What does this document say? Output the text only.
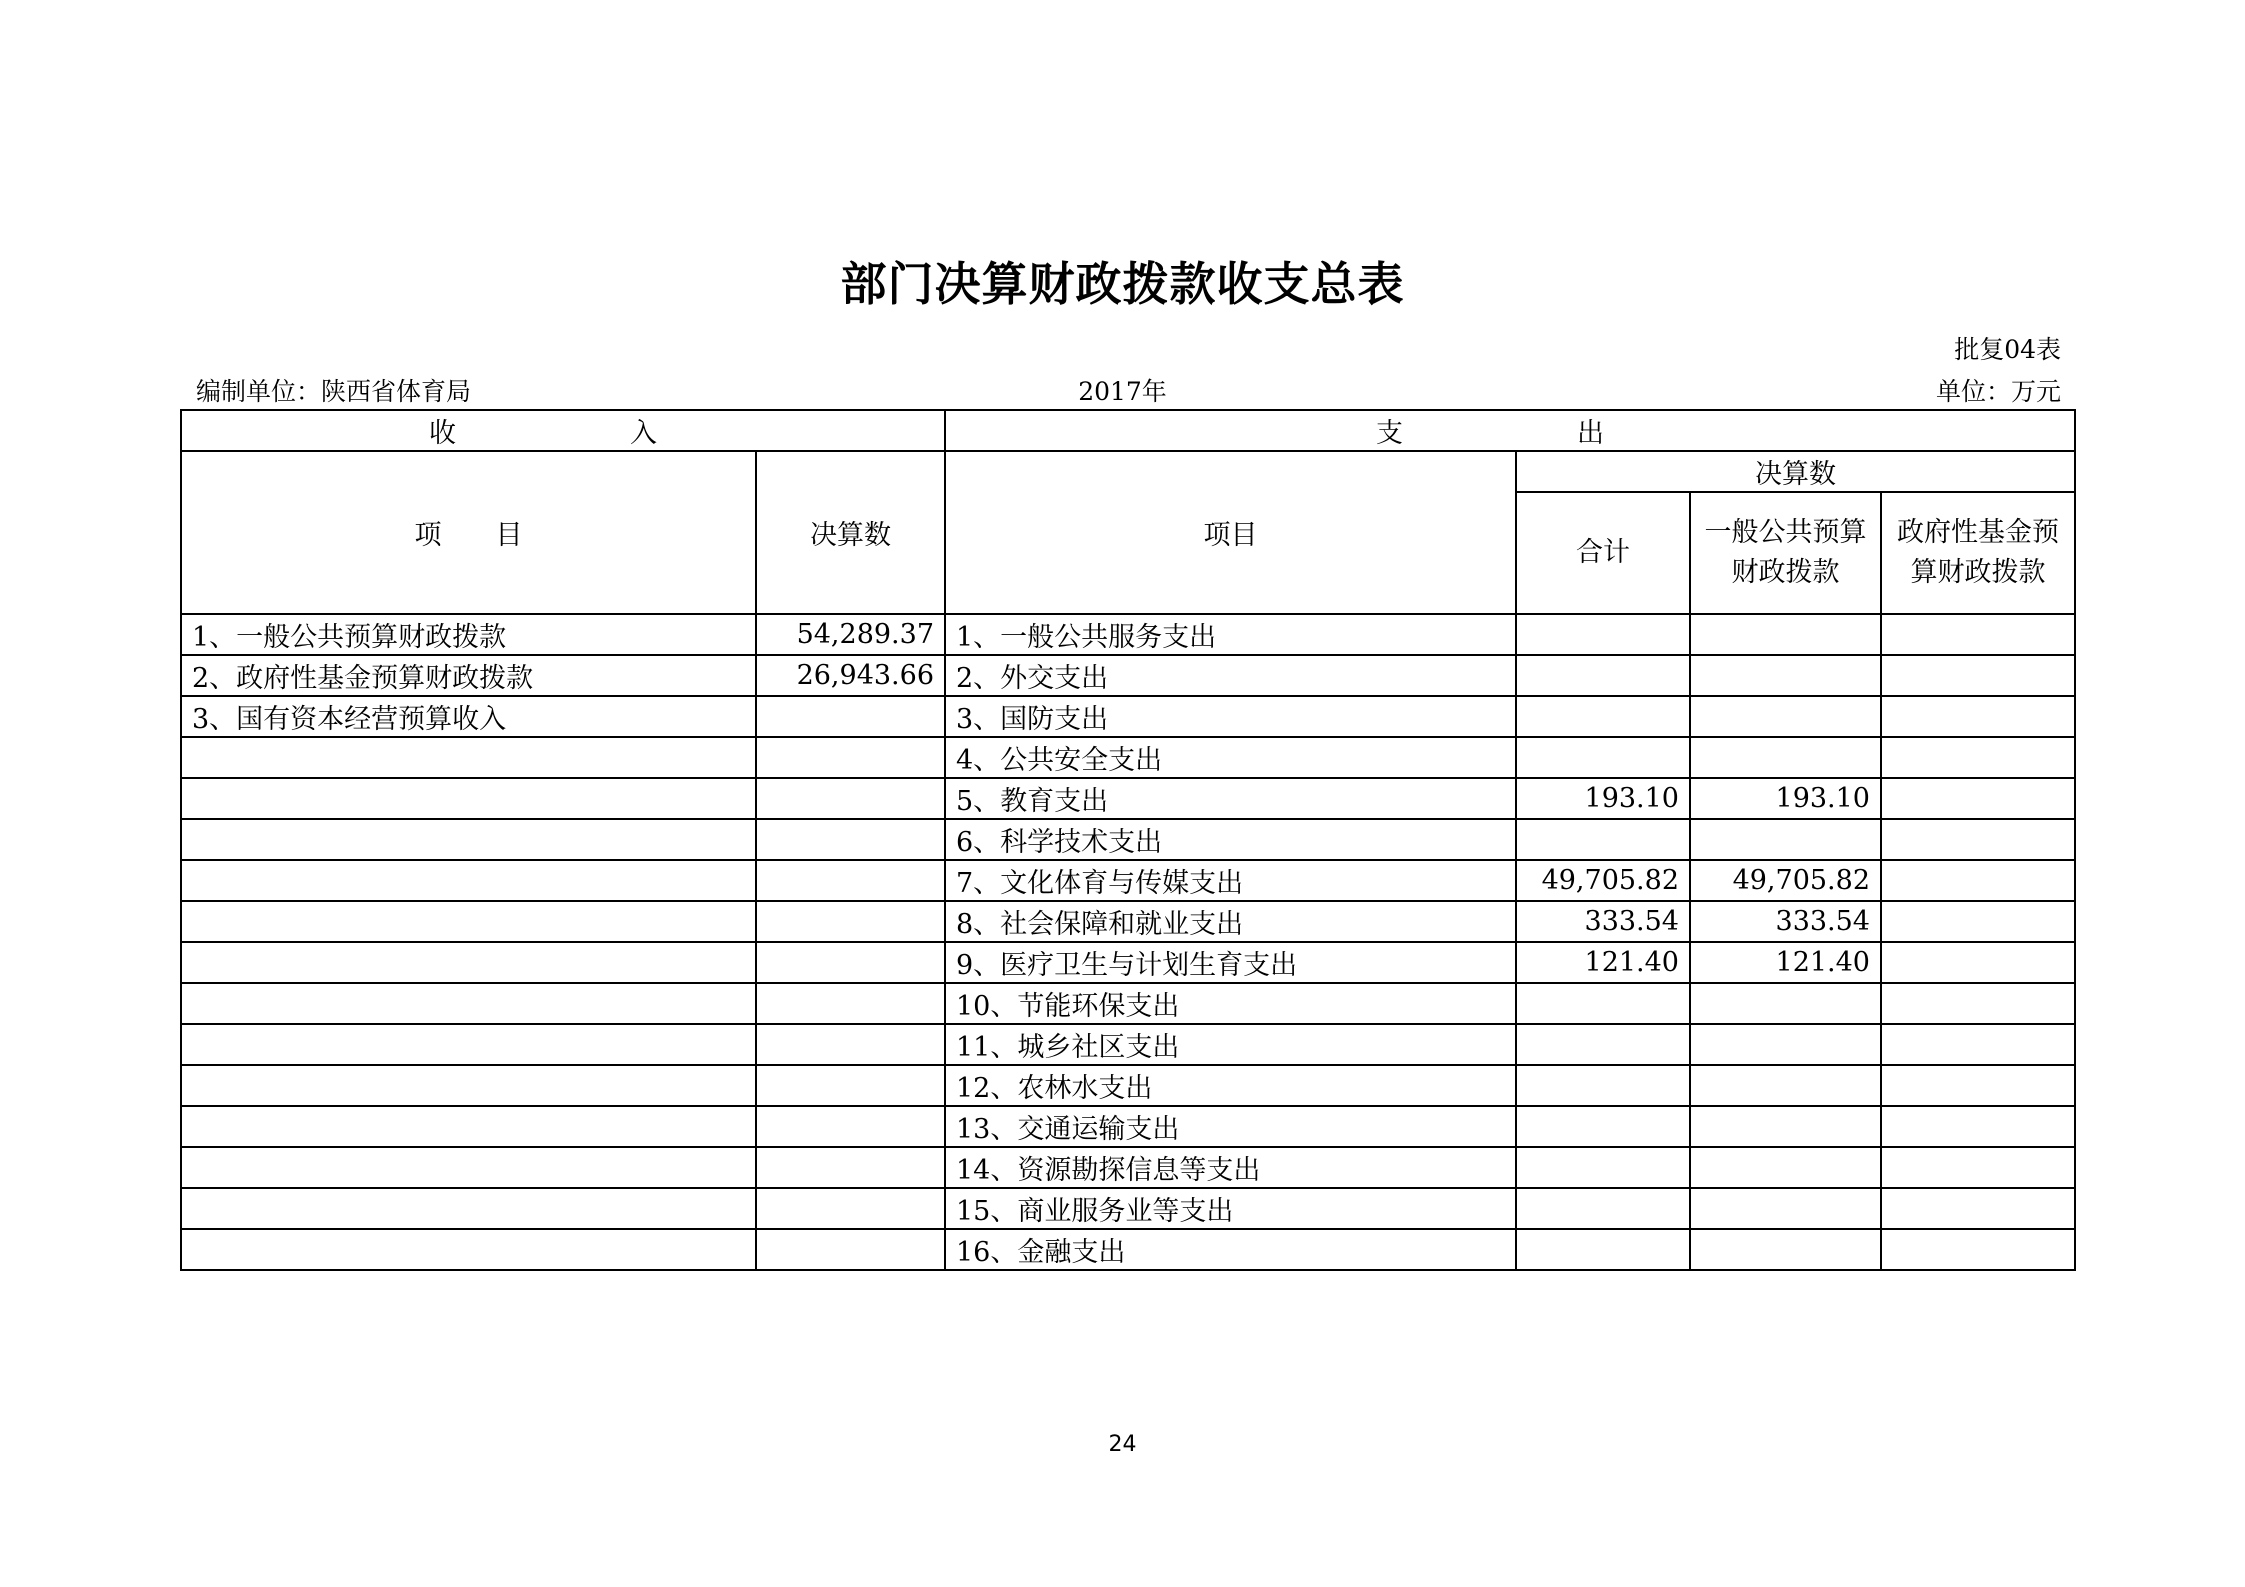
部门决算财政拨款收支总表
批复04表
编制单位：陕西省体育局	2017年	单位：万元
收　　入		支　　出			
项　　目	决算数	项目	决算数		
			合计	一般公共预算财政拨款	政府性基金预算财政拨款
1、一般公共预算财政拨款	54,289.37	1、一般公共服务支出			
2、政府性基金预算财政拨款	26,943.66	2、外交支出			
3、国有资本经营预算收入		3、国防支出			
		4、公共安全支出			
		5、教育支出	193.10	193.10	
		6、科学技术支出			
		7、文化体育与传媒支出	49,705.82	49,705.82	
		8、社会保障和就业支出	333.54	333.54	
		9、医疗卫生与计划生育支出	121.40	121.40	
		10、节能环保支出			
		11、城乡社区支出			
		12、农林水支出			
		13、交通运输支出			
		14、资源勘探信息等支出			
		15、商业服务业等支出			
		16、金融支出			
24
